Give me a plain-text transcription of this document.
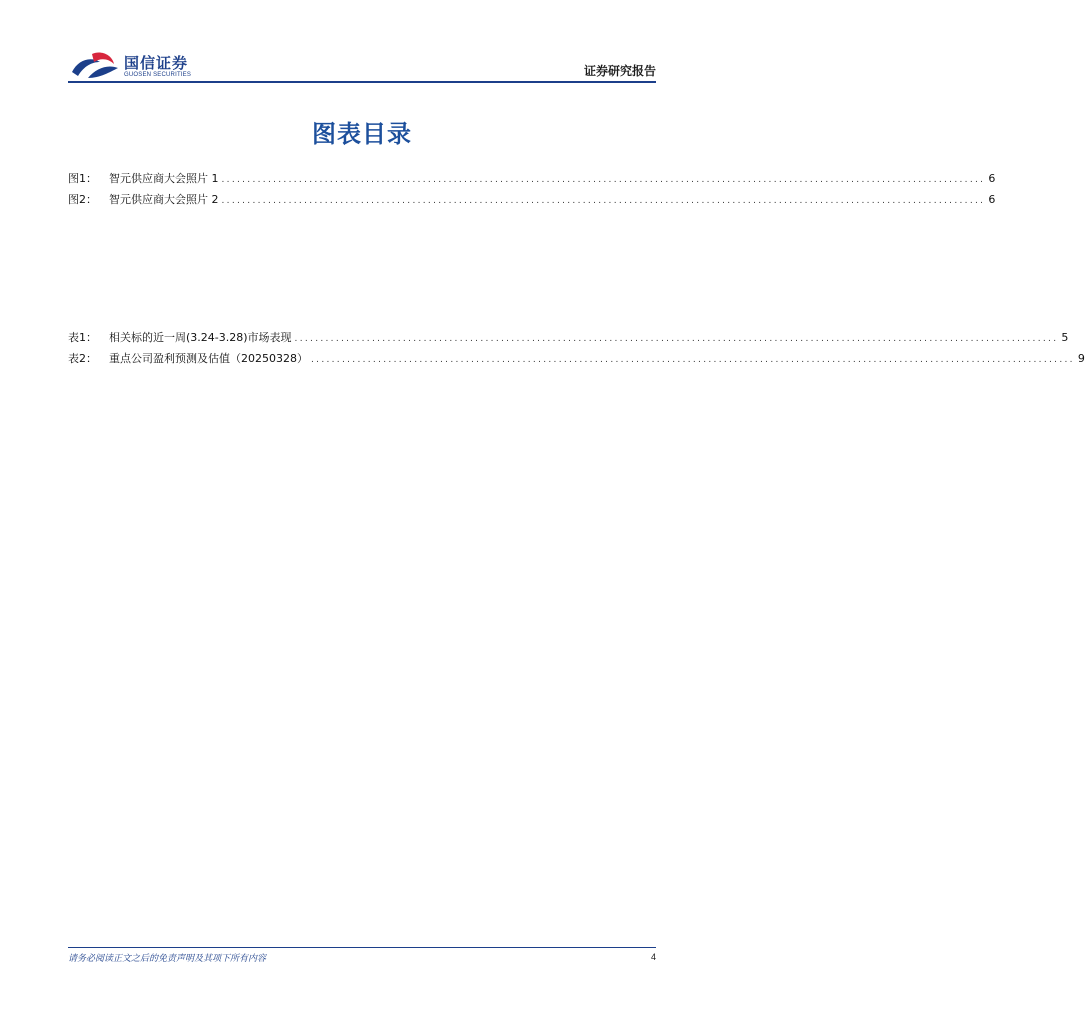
国信证券
GUOSEN SECURITIES	证券研究报告
图表目录
图1： 智元供应商大会照片 1 .................................................................................................................................................... 6
图2： 智元供应商大会照片 2 .................................................................................................................................................... 6
表1： 相关标的近一周(3.24-3.28)市场表现 .................................................................................................................................................... 5
表2： 重点公司盈利预测及估值（20250328） .................................................................................................................................................... 9
请务必阅读正文之后的免责声明及其项下所有内容	4
